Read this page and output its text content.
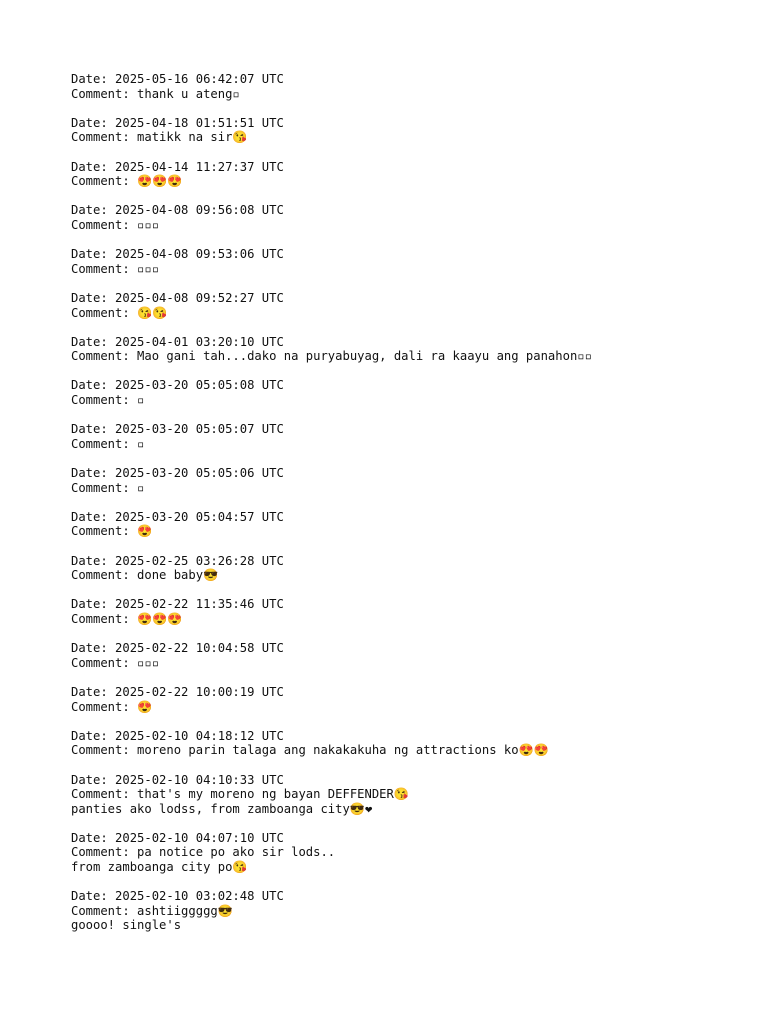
Date: 2025-05-16 06:42:07 UTC
Comment: thank u ateng▫
Date: 2025-04-18 01:51:51 UTC
Comment: matikk na sir😘
Date: 2025-04-14 11:27:37 UTC
Comment: 😍😍😍
Date: 2025-04-08 09:56:08 UTC
Comment: ▫▫▫
Date: 2025-04-08 09:53:06 UTC
Comment: ▫▫▫
Date: 2025-04-08 09:52:27 UTC
Comment: 😘😘
Date: 2025-04-01 03:20:10 UTC
Comment: Mao gani tah...dako na puryabuyag, dali ra kaayu ang panahon▫▫
Date: 2025-03-20 05:05:08 UTC
Comment: ▫
Date: 2025-03-20 05:05:07 UTC
Comment: ▫
Date: 2025-03-20 05:05:06 UTC
Comment: ▫
Date: 2025-03-20 05:04:57 UTC
Comment: 😍
Date: 2025-02-25 03:26:28 UTC
Comment: done baby😎
Date: 2025-02-22 11:35:46 UTC
Comment: 😍😍😍
Date: 2025-02-22 10:04:58 UTC
Comment: ▫▫▫
Date: 2025-02-22 10:00:19 UTC
Comment: 😍
Date: 2025-02-10 04:18:12 UTC
Comment: moreno parin talaga ang nakakakuha ng attractions ko😍😍
Date: 2025-02-10 04:10:33 UTC
Comment: that's my moreno ng bayan DEFFENDER😘
panties ako lodss, from zamboanga city😎❤
Date: 2025-02-10 04:07:10 UTC
Comment: pa notice po ako sir lods..
from zamboanga city po😘
Date: 2025-02-10 03:02:48 UTC
Comment: ashtiiggggg😎
goooo! single's
